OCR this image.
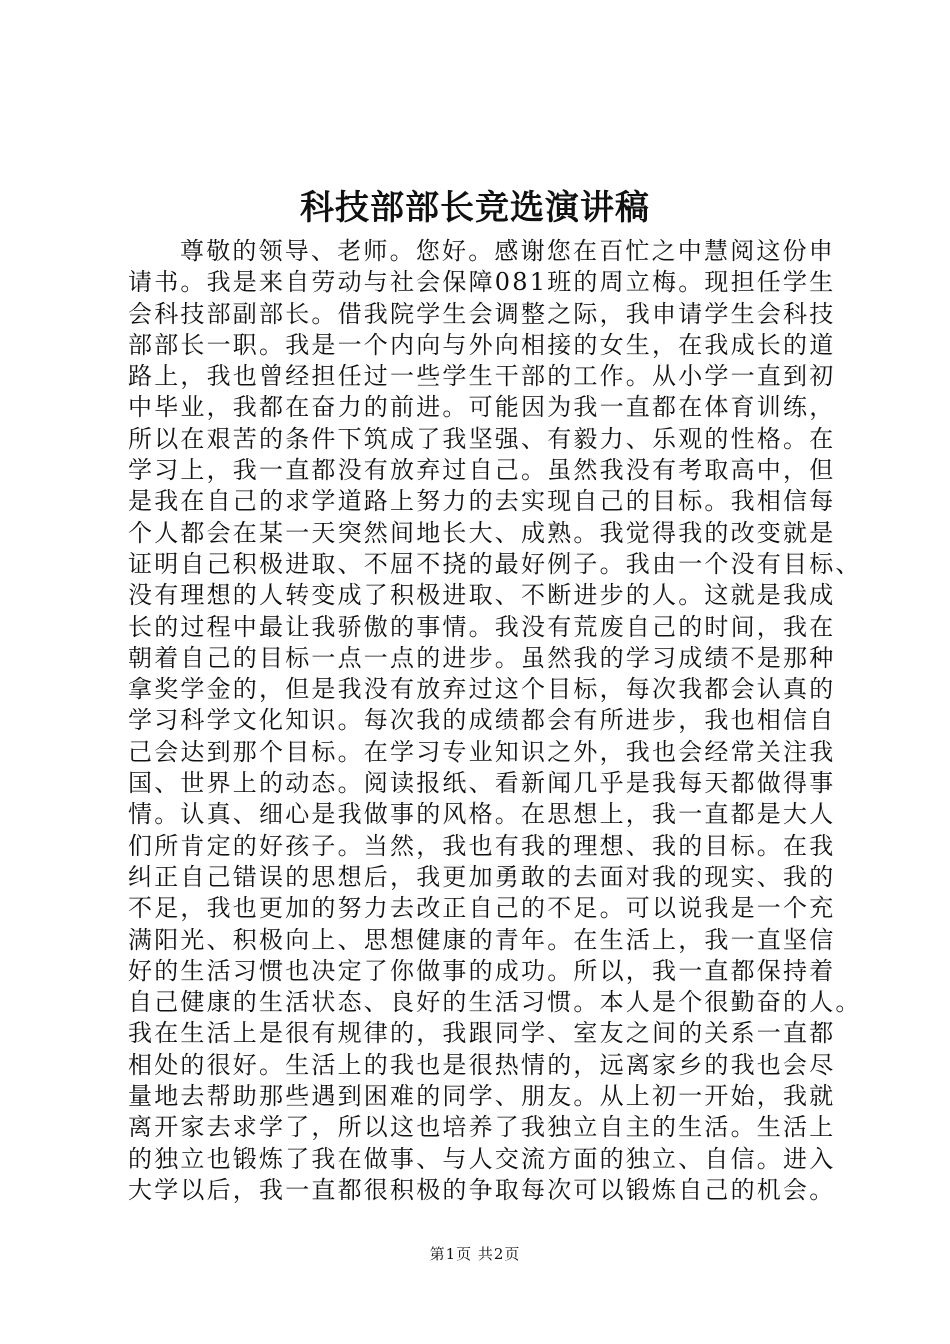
科技部部长竞选演讲稿
尊敬的领导、老师。您好。感谢您在百忙之中慧阅这份申
请书。我是来自劳动与社会保障081班的周立梅。现担任学生
会科技部副部长。借我院学生会调整之际，我申请学生会科技
部部长一职。我是一个内向与外向相接的女生，在我成长的道
路上，我也曾经担任过一些学生干部的工作。从小学一直到初
中毕业，我都在奋力的前进。可能因为我一直都在体育训练，
所以在艰苦的条件下筑成了我坚强、有毅力、乐观的性格。在
学习上，我一直都没有放弃过自己。虽然我没有考取高中，但
是我在自己的求学道路上努力的去实现自己的目标。我相信每
个人都会在某一天突然间地长大、成熟。我觉得我的改变就是
证明自己积极进取、不屈不挠的最好例子。我由一个没有目标、
没有理想的人转变成了积极进取、不断进步的人。这就是我成
长的过程中最让我骄傲的事情。我没有荒废自己的时间，我在
朝着自己的目标一点一点的进步。虽然我的学习成绩不是那种
拿奖学金的，但是我没有放弃过这个目标，每次我都会认真的
学习科学文化知识。每次我的成绩都会有所进步，我也相信自
己会达到那个目标。在学习专业知识之外，我也会经常关注我
国、世界上的动态。阅读报纸、看新闻几乎是我每天都做得事
情。认真、细心是我做事的风格。在思想上，我一直都是大人
们所肯定的好孩子。当然，我也有我的理想、我的目标。在我
纠正自己错误的思想后，我更加勇敢的去面对我的现实、我的
不足，我也更加的努力去改正自己的不足。可以说我是一个充
满阳光、积极向上、思想健康的青年。在生活上，我一直坚信
好的生活习惯也决定了你做事的成功。所以，我一直都保持着
自己健康的生活状态、良好的生活习惯。本人是个很勤奋的人。
我在生活上是很有规律的，我跟同学、室友之间的关系一直都
相处的很好。生活上的我也是很热情的，远离家乡的我也会尽
量地去帮助那些遇到困难的同学、朋友。从上初一开始，我就
离开家去求学了，所以这也培养了我独立自主的生活。生活上
的独立也锻炼了我在做事、与人交流方面的独立、自信。进入
大学以后，我一直都很积极的争取每次可以锻炼自己的机会。
第1页 共2页
